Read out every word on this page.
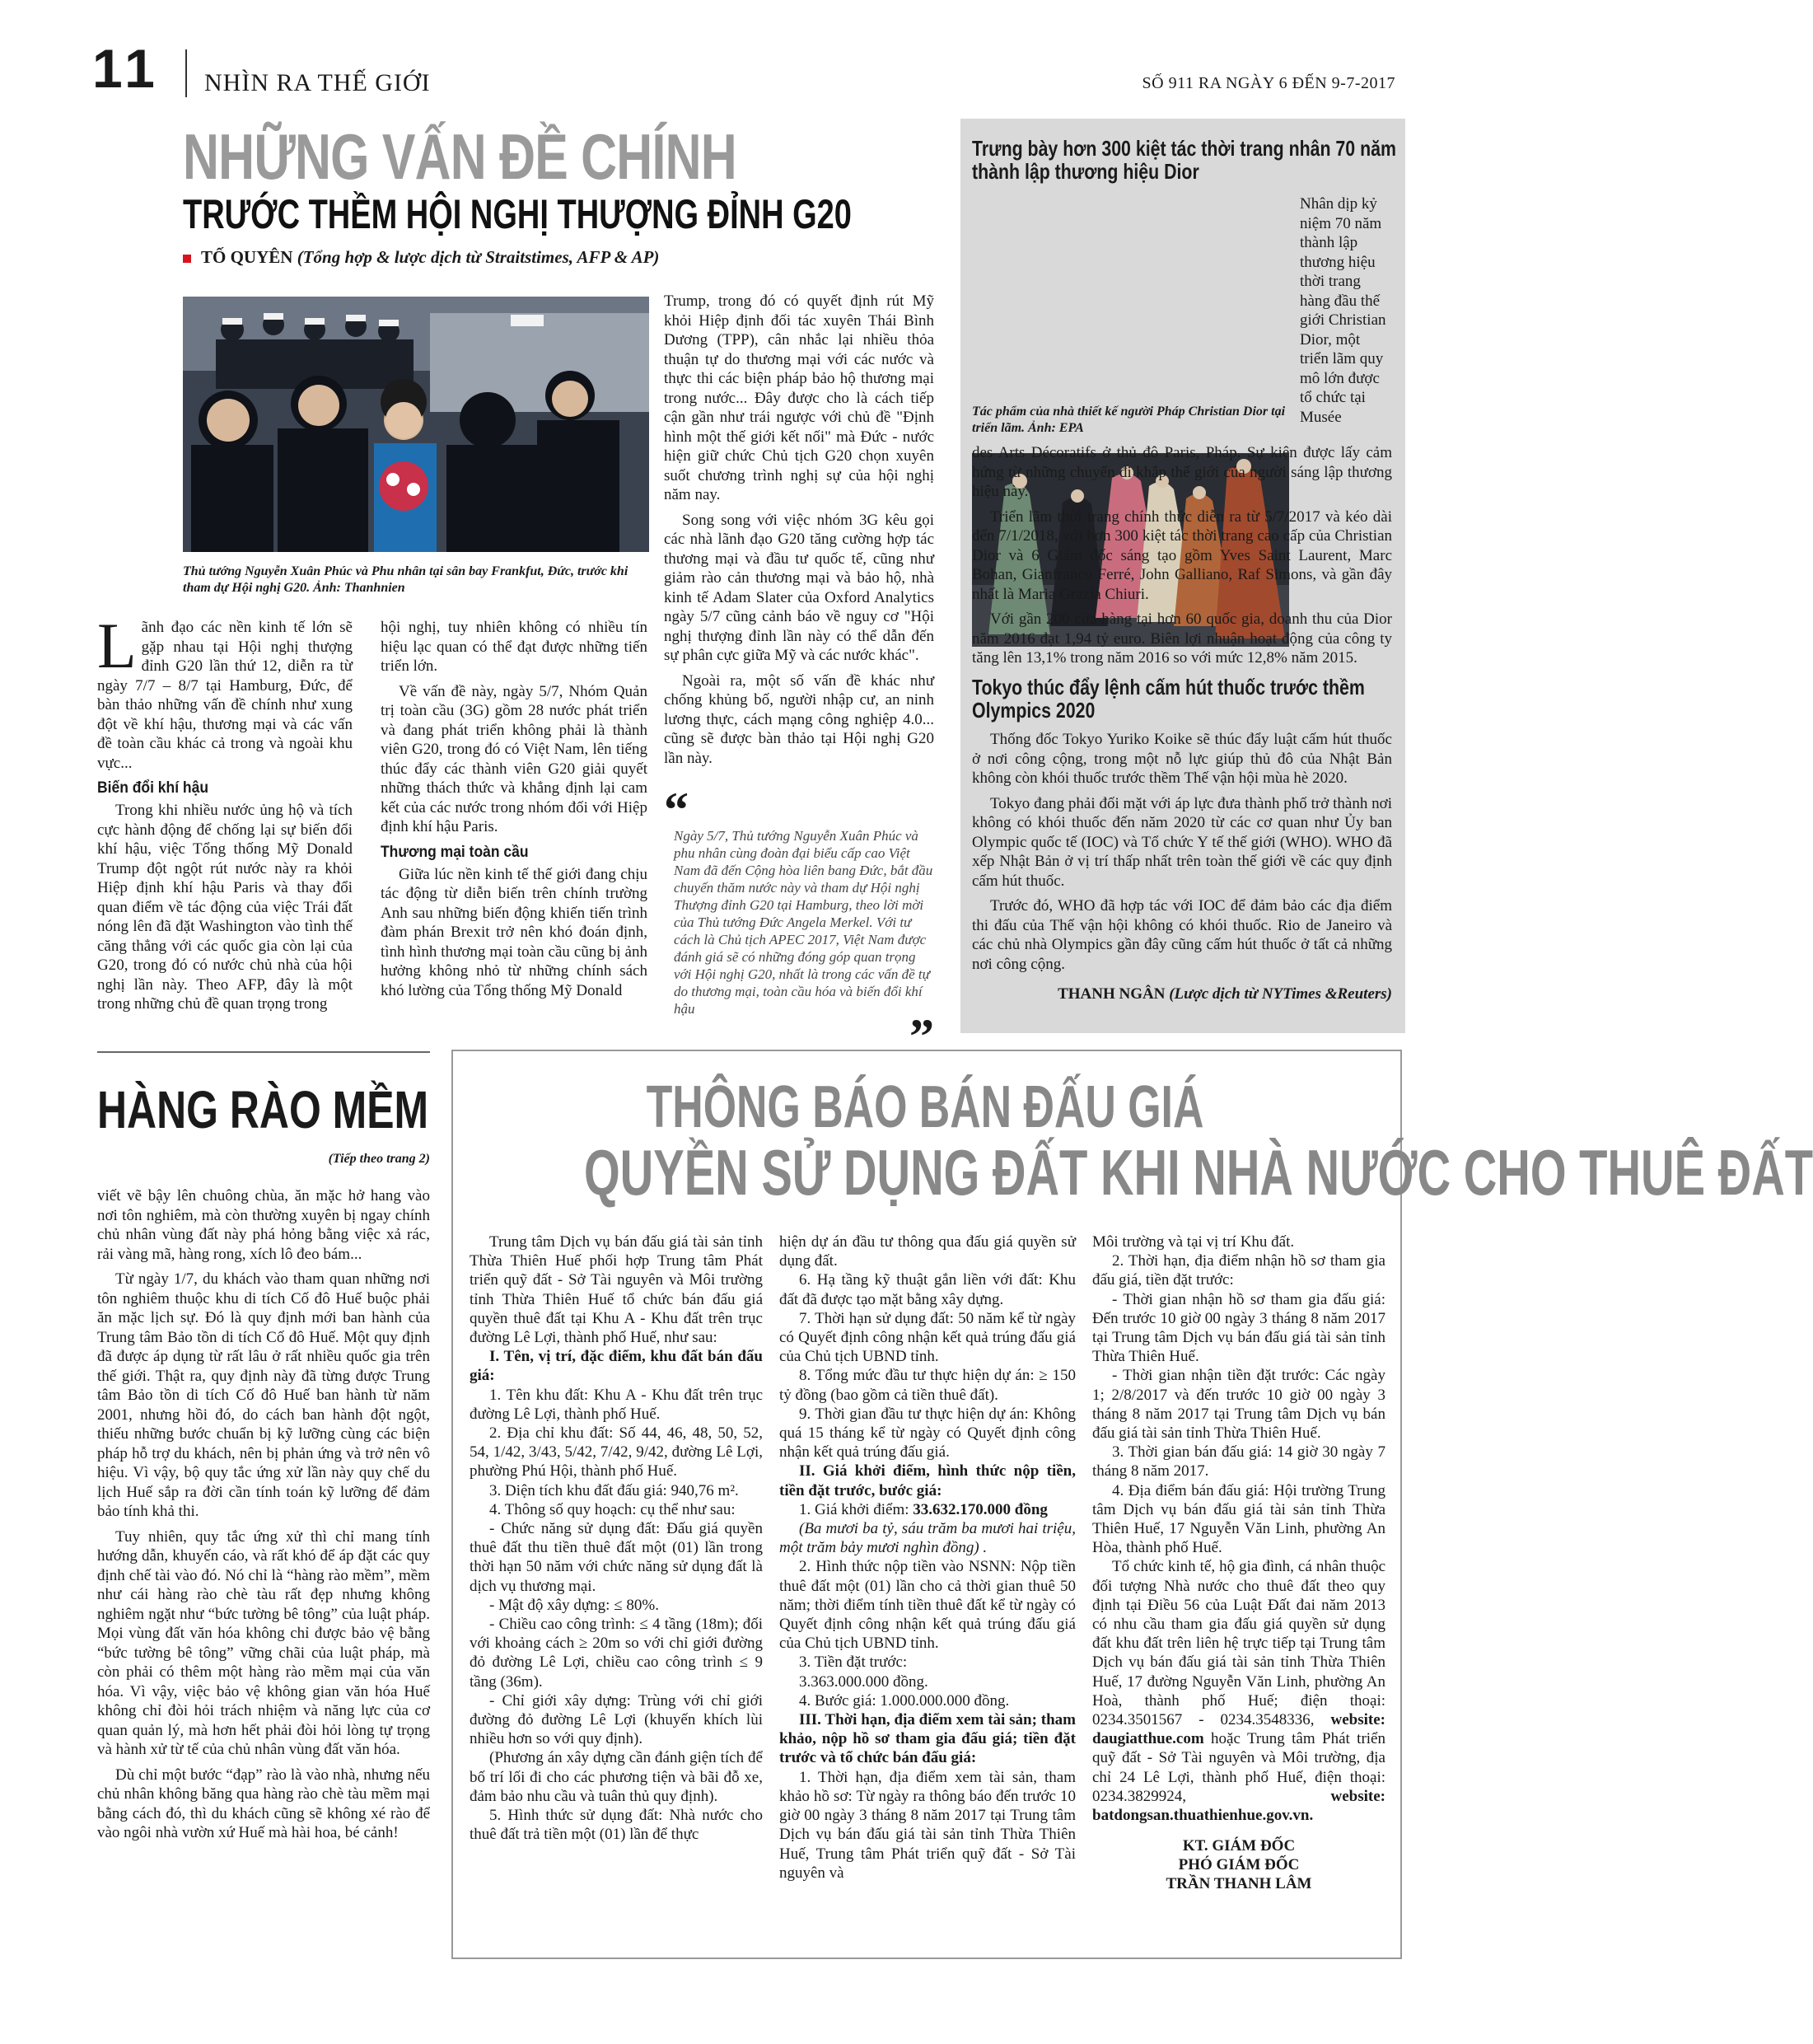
11 NHÌN RA THẾ GIỚI	SỐ 911 RA NGÀY 6 ĐẾN 9-7-2017
NHỮNG VẤN ĐỀ CHÍNH
TRƯỚC THỀM HỘI NGHỊ THƯỢNG ĐỈNH G20
TỐ QUYÊN (Tổng hợp & lược dịch từ Straitstimes, AFP & AP)
Thủ tướng Nguyễn Xuân Phúc và Phu nhân tại sân bay Frankfut, Đức, trước khi tham dự Hội nghị G20. Ảnh: Thanhnien

Lãnh đạo các nền kinh tế lớn sẽ gặp nhau tại Hội nghị thượng đỉnh G20 lần thứ 12, diễn ra từ ngày 7/7 – 8/7 tại Hamburg, Đức, để bàn thảo những vấn đề chính như xung đột về khí hậu, thương mại và các vấn đề toàn cầu khác cả trong và ngoài khu vực...

Biến đổi khí hậu

Trong khi nhiều nước ủng hộ và tích cực hành động để chống lại sự biến đổi khí hậu, việc Tổng thống Mỹ Donald Trump đột ngột rút nước này ra khỏi Hiệp định khí hậu Paris và thay đổi quan điểm về tác động của việc Trái đất nóng lên đã đặt Washington vào tình thế căng thẳng với các quốc gia còn lại của G20, trong đó có nước chủ nhà của hội nghị lần này. Theo AFP, đây là một trong những chủ đề quan trọng trong

hội nghị, tuy nhiên không có nhiều tín hiệu lạc quan có thể đạt được những tiến triển lớn.

Về vấn đề này, ngày 5/7, Nhóm Quản trị toàn cầu (3G) gồm 28 nước phát triển và đang phát triển không phải là thành viên G20, trong đó có Việt Nam, lên tiếng thúc đẩy các thành viên G20 giải quyết những thách thức và khẳng định lại cam kết của các nước trong nhóm đối với Hiệp định khí hậu Paris.

Thương mại toàn cầu

Giữa lúc nền kinh tế thế giới đang chịu tác động từ diễn biến trên chính trường Anh sau những biến động khiến tiến trình đàm phán Brexit trở nên khó đoán định, tình hình thương mại toàn cầu cũng bị ảnh hưởng không nhỏ từ những chính sách khó lường của Tổng thống Mỹ Donald

Trump, trong đó có quyết định rút Mỹ khỏi Hiệp định đối tác xuyên Thái Bình Dương (TPP), cân nhắc lại nhiều thỏa thuận tự do thương mại với các nước và thực thi các biện pháp bảo hộ thương mại trong nước... Đây được cho là cách tiếp cận gần như trái ngược với chủ đề "Định hình một thế giới kết nối" mà Đức - nước hiện giữ chức Chủ tịch G20 chọn xuyên suốt chương trình nghị sự của hội nghị năm nay.

Song song với việc nhóm 3G kêu gọi các nhà lãnh đạo G20 tăng cường hợp tác thương mại và đầu tư quốc tế, cũng như giảm rào cản thương mại và bảo hộ, nhà kinh tế Adam Slater của Oxford Analytics ngày 5/7 cũng cảnh báo về nguy cơ "Hội nghị thượng đỉnh lần này có thể dẫn đến sự phân cực giữa Mỹ và các nước khác".

Ngoài ra, một số vấn đề khác như chống khủng bố, người nhập cư, an ninh lương thực, cách mạng công nghiệp 4.0... cũng sẽ được bàn thảo tại Hội nghị G20 lần này.

“
Ngày 5/7, Thủ tướng Nguyễn Xuân Phúc và phu nhân cùng đoàn đại biểu cấp cao Việt Nam đã đến Cộng hòa liên bang Đức, bắt đầu chuyến thăm nước này và tham dự Hội nghị Thượng đỉnh G20 tại Hamburg, theo lời mời của Thủ tướng Đức Angela Merkel. Với tư cách là Chủ tịch APEC 2017, Việt Nam được đánh giá sẽ có những đóng góp quan trọng với Hội nghị G20, nhất là trong các vấn đề tự do thương mại, toàn cầu hóa và biến đổi khí hậu
”
Trưng bày hơn 300 kiệt tác thời trang nhân 70 năm thành lập thương hiệu Dior
Tác phẩm của nhà thiết kế người Pháp Christian Dior tại triển lãm. Ảnh: EPA

Nhân dịp kỷ niệm 70 năm thành lập thương hiệu thời trang hàng đầu thế giới Christian Dior, một triển lãm quy mô lớn được tổ chức tại Musée

des Arts Décoratifs ở thủ đô Paris, Pháp. Sự kiện được lấy cảm hứng từ những chuyến đi khắp thế giới của người sáng lập thương hiệu này.

Triển lãm thời trang chính thức diễn ra từ 5/7/2017 và kéo dài đến 7/1/2018, với hơn 300 kiệt tác thời trang cao cấp của Christian Dior và 6 Giám đốc sáng tạo gồm Yves Saint Laurent, Marc Bohan, Gianfranco Ferré, John Galliano, Raf Simons, và gần đây nhất là Maria Grazia Chiuri.

Với gần 200 cửa hàng tại hơn 60 quốc gia, doanh thu của Dior năm 2016 đạt 1,94 tỷ euro. Biên lợi nhuận hoạt động của công ty tăng lên 13,1% trong năm 2016 so với mức 12,8% năm 2015.

Tokyo thúc đẩy lệnh cấm hút thuốc trước thềm Olympics 2020

Thống đốc Tokyo Yuriko Koike sẽ thúc đẩy luật cấm hút thuốc ở nơi công cộng, trong một nỗ lực giúp thủ đô của Nhật Bản không còn khói thuốc trước thềm Thế vận hội mùa hè 2020.

Tokyo đang phải đối mặt với áp lực đưa thành phố trở thành nơi không có khói thuốc đến năm 2020 từ các cơ quan như Ủy ban Olympic quốc tế (IOC) và Tổ chức Y tế thế giới (WHO). WHO đã xếp Nhật Bản ở vị trí thấp nhất trên toàn thế giới về các quy định cấm hút thuốc.

Trước đó, WHO đã hợp tác với IOC để đảm bảo các địa điểm thi đấu của Thế vận hội không có khói thuốc. Rio de Janeiro và các chủ nhà Olympics gần đây cũng cấm hút thuốc ở tất cả những nơi công cộng.

THANH NGÂN (Lược dịch từ NYTimes &Reuters)
HÀNG RÀO MỀM
(Tiếp theo trang 2)

viết vẽ bậy lên chuông chùa, ăn mặc hở hang vào nơi tôn nghiêm, mà còn thường xuyên bị ngay chính chủ nhân vùng đất này phá hỏng bằng việc xả rác, rải vàng mã, hàng rong, xích lô đeo bám...

Từ ngày 1/7, du khách vào tham quan những nơi tôn nghiêm thuộc khu di tích Cố đô Huế buộc phải ăn mặc lịch sự. Đó là quy định mới ban hành của Trung tâm Bảo tồn di tích Cố đô Huế. Một quy định đã được áp dụng từ rất lâu ở rất nhiều quốc gia trên thế giới. Thật ra, quy định này đã từng được Trung tâm Bảo tồn di tích Cố đô Huế ban hành từ năm 2001, nhưng hồi đó, do cách ban hành đột ngột, thiếu những bước chuẩn bị kỹ lưỡng cùng các biện pháp hỗ trợ du khách, nên bị phản ứng và trở nên vô hiệu. Vì vậy, bộ quy tắc ứng xử lần này quy chế du lịch Huế sắp ra đời cần tính toán kỹ lưỡng để đảm bảo tính khả thi.

Tuy nhiên, quy tắc ứng xử thì chỉ mang tính hướng dẫn, khuyến cáo, và rất khó để áp đặt các quy định chế tài vào đó. Nó chỉ là “hàng rào mềm”, mềm như cái hàng rào chè tàu rất đẹp nhưng không nghiêm ngặt như “bức tường bê tông” của luật pháp. Mọi vùng đất văn hóa không chỉ được bảo vệ bằng “bức tường bê tông” vững chãi của luật pháp, mà còn phải có thêm một hàng rào mềm mại của văn hóa. Vì vậy, việc bảo vệ không gian văn hóa Huế không chỉ đòi hỏi trách nhiệm và năng lực của cơ quan quản lý, mà hơn hết phải đòi hỏi lòng tự trọng và hành xử từ tế của chủ nhân vùng đất văn hóa.

Dù chỉ một bước “đạp” rào là vào nhà, nhưng nếu chủ nhân không băng qua hàng rào chè tàu mềm mại bằng cách đó, thì du khách cũng sẽ không xé rào để vào ngôi nhà vườn xứ Huế mà hài hoa, bé cảnh!

THÔNG BÁO BÁN ĐẤU GIÁ
QUYỀN SỬ DỤNG ĐẤT KHI NHÀ NƯỚC CHO THUÊ ĐẤT

Trung tâm Dịch vụ bán đấu giá tài sản tỉnh Thừa Thiên Huế phối hợp Trung tâm Phát triển quỹ đất - Sở Tài nguyên và Môi trường tỉnh Thừa Thiên Huế tổ chức bán đấu giá quyền thuê đất tại Khu A - Khu đất trên trục đường Lê Lợi, thành phố Huế, như sau:

I. Tên, vị trí, đặc điểm, khu đất bán đấu giá:

1. Tên khu đất: Khu A - Khu đất trên trục đường Lê Lợi, thành phố Huế.

2. Địa chỉ khu đất: Số 44, 46, 48, 50, 52, 54, 1/42, 3/43, 5/42, 7/42, 9/42, đường Lê Lợi, phường Phú Hội, thành phố Huế.

3. Diện tích khu đất đấu giá: 940,76 m².

4. Thông số quy hoạch: cụ thể như sau:

- Chức năng sử dụng đất: Đấu giá quyền thuê đất thu tiền thuê đất một (01) lần trong thời hạn 50 năm với chức năng sử dụng đất là dịch vụ thương mại.

- Mật độ xây dựng: ≤ 80%.

- Chiều cao công trình: ≤ 4 tầng (18m); đối với khoảng cách ≥ 20m so với chỉ giới đường đỏ đường Lê Lợi, chiều cao công trình ≤ 9 tầng (36m).

- Chỉ giới xây dựng: Trùng với chỉ giới đường đỏ đường Lê Lợi (khuyến khích lùi nhiều hơn so với quy định).

(Phương án xây dựng cần đánh giện tích để bố trí lối đi cho các phương tiện và bãi đỗ xe, đảm bảo nhu cầu và tuân thủ quy định).

5. Hình thức sử dụng đất: Nhà nước cho thuê đất trả tiền một (01) lần để thực

hiện dự án đầu tư thông qua đấu giá quyền sử dụng đất.

6. Hạ tầng kỹ thuật gắn liền với đất: Khu đất đã được tạo mặt bằng xây dựng.

7. Thời hạn sử dụng đất: 50 năm kể từ ngày có Quyết định công nhận kết quả trúng đấu giá của Chủ tịch UBND tỉnh.

8. Tổng mức đầu tư thực hiện dự án: ≥ 150 tỷ đồng (bao gồm cả tiền thuê đất).

9. Thời gian đầu tư thực hiện dự án: Không quá 15 tháng kể từ ngày có Quyết định công nhận kết quả trúng đấu giá.

II. Giá khởi điểm, hình thức nộp tiền, tiền đặt trước, bước giá:

1. Giá khởi điểm: 33.632.170.000 đồng

(Ba mươi ba tỷ, sáu trăm ba mươi hai triệu, một trăm bảy mươi nghìn đồng) .

2. Hình thức nộp tiền vào NSNN: Nộp tiền thuê đất một (01) lần cho cả thời gian thuê 50 năm; thời điểm tính tiền thuê đất kể từ ngày có Quyết định công nhận kết quả trúng đấu giá của Chủ tịch UBND tỉnh.

3. Tiền đặt trước:

3.363.000.000 đồng.

4. Bước giá: 1.000.000.000 đồng.

III. Thời hạn, địa điểm xem tài sản; tham khảo, nộp hồ sơ tham gia đấu giá; tiền đặt trước và tổ chức bán đấu giá:

1. Thời hạn, địa điểm xem tài sản, tham khảo hồ sơ: Từ ngày ra thông báo đến trước 10 giờ 00 ngày 3 tháng 8 năm 2017 tại Trung tâm Dịch vụ bán đấu giá tài sản tỉnh Thừa Thiên Huế, Trung tâm Phát triển quỹ đất - Sở Tài nguyên và

Môi trường và tại vị trí Khu đất.

2. Thời hạn, địa điểm nhận hồ sơ tham gia đấu giá, tiền đặt trước:

- Thời gian nhận hồ sơ tham gia đấu giá: Đến trước 10 giờ 00 ngày 3 tháng 8 năm 2017 tại Trung tâm Dịch vụ bán đấu giá tài sản tỉnh Thừa Thiên Huế.

- Thời gian nhận tiền đặt trước: Các ngày 1; 2/8/2017 và đến trước 10 giờ 00 ngày 3 tháng 8 năm 2017 tại Trung tâm Dịch vụ bán đấu giá tài sản tỉnh Thừa Thiên Huế.

3. Thời gian bán đấu giá: 14 giờ 30 ngày 7 tháng 8 năm 2017.

4. Địa điểm bán đấu giá: Hội trường Trung tâm Dịch vụ bán đấu giá tài sản tỉnh Thừa Thiên Huế, 17 Nguyễn Văn Linh, phường An Hòa, thành phố Huế.

Tổ chức kinh tế, hộ gia đình, cá nhân thuộc đối tượng Nhà nước cho thuê đất theo quy định tại Điều 56 của Luật Đất đai năm 2013 có nhu cầu tham gia đấu giá quyền sử dụng đất khu đất trên liên hệ trực tiếp tại Trung tâm Dịch vụ bán đấu giá tài sản tỉnh Thừa Thiên Huế, 17 đường Nguyễn Văn Linh, phường An Hoà, thành phố Huế; điện thoại: 0234.3501567 - 0234.3548336, website: daugiatthue.com hoặc Trung tâm Phát triển quỹ đất - Sở Tài nguyên và Môi trường, địa chỉ 24 Lê Lợi, thành phố Huế, điện thoại: 0234.3829924,	website: batdongsan.thuathienhue.gov.vn.

KT. GIÁM ĐỐC
PHÓ GIÁM ĐỐC
TRẦN THANH LÂM
